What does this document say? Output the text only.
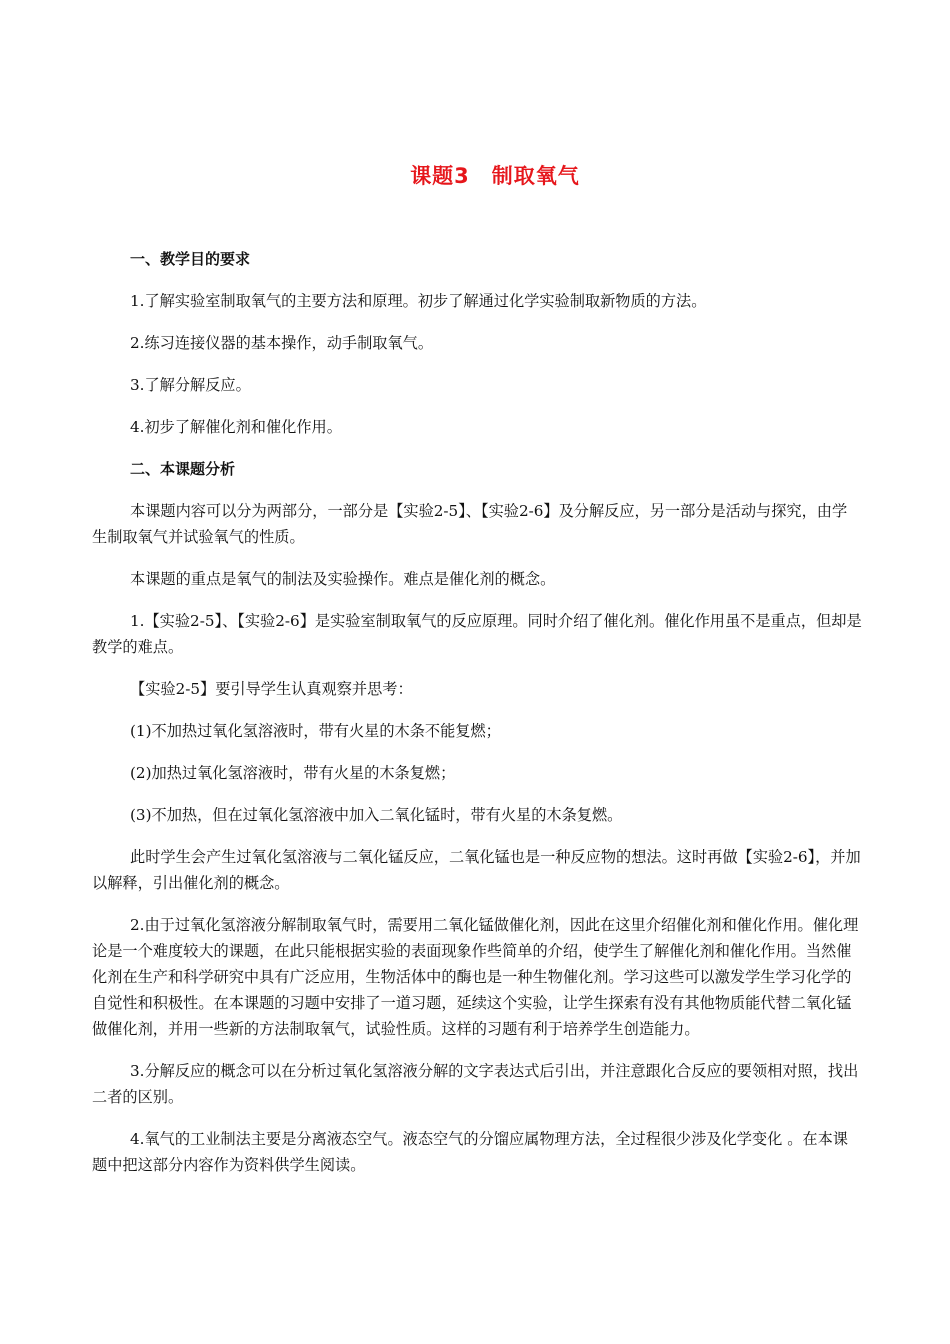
课题3　制取氧气
一、教学目的要求
1.了解实验室制取氧气的主要方法和原理。初步了解通过化学实验制取新物质的方法。
2.练习连接仪器的基本操作，动手制取氧气。
3.了解分解反应。
4.初步了解催化剂和催化作用。
二、本课题分析
本课题内容可以分为两部分，一部分是【实验2-5】、【实验2-6】及分解反应，另一部分是活动与探究，由学生制取氧气并试验氧气的性质。
本课题的重点是氧气的制法及实验操作。难点是催化剂的概念。
1.【实验2-5】、【实验2-6】是实验室制取氧气的反应原理。同时介绍了催化剂。催化作用虽不是重点，但却是教学的难点。
【实验2-5】要引导学生认真观察并思考：
(1)不加热过氧化氢溶液时，带有火星的木条不能复燃；
(2)加热过氧化氢溶液时，带有火星的木条复燃；
(3)不加热，但在过氧化氢溶液中加入二氧化锰时，带有火星的木条复燃。
此时学生会产生过氧化氢溶液与二氧化锰反应，二氧化锰也是一种反应物的想法。这时再做【实验2-6】，并加以解释，引出催化剂的概念。
2.由于过氧化氢溶液分解制取氧气时，需要用二氧化锰做催化剂，因此在这里介绍催化剂和催化作用。催化理论是一个难度较大的课题，在此只能根据实验的表面现象作些简单的介绍，使学生了解催化剂和催化作用。当然催化剂在生产和科学研究中具有广泛应用，生物活体中的酶也是一种生物催化剂。学习这些可以激发学生学习化学的自觉性和积极性。在本课题的习题中安排了一道习题，延续这个实验，让学生探索有没有其他物质能代替二氧化锰做催化剂，并用一些新的方法制取氧气，试验性质。这样的习题有利于培养学生创造能力。
3.分解反应的概念可以在分析过氧化氢溶液分解的文字表达式后引出，并注意跟化合反应的要领相对照，找出二者的区别。
4.氧气的工业制法主要是分离液态空气。液态空气的分馏应属物理方法，全过程很少涉及化学变化 。在本课题中把这部分内容作为资料供学生阅读。
